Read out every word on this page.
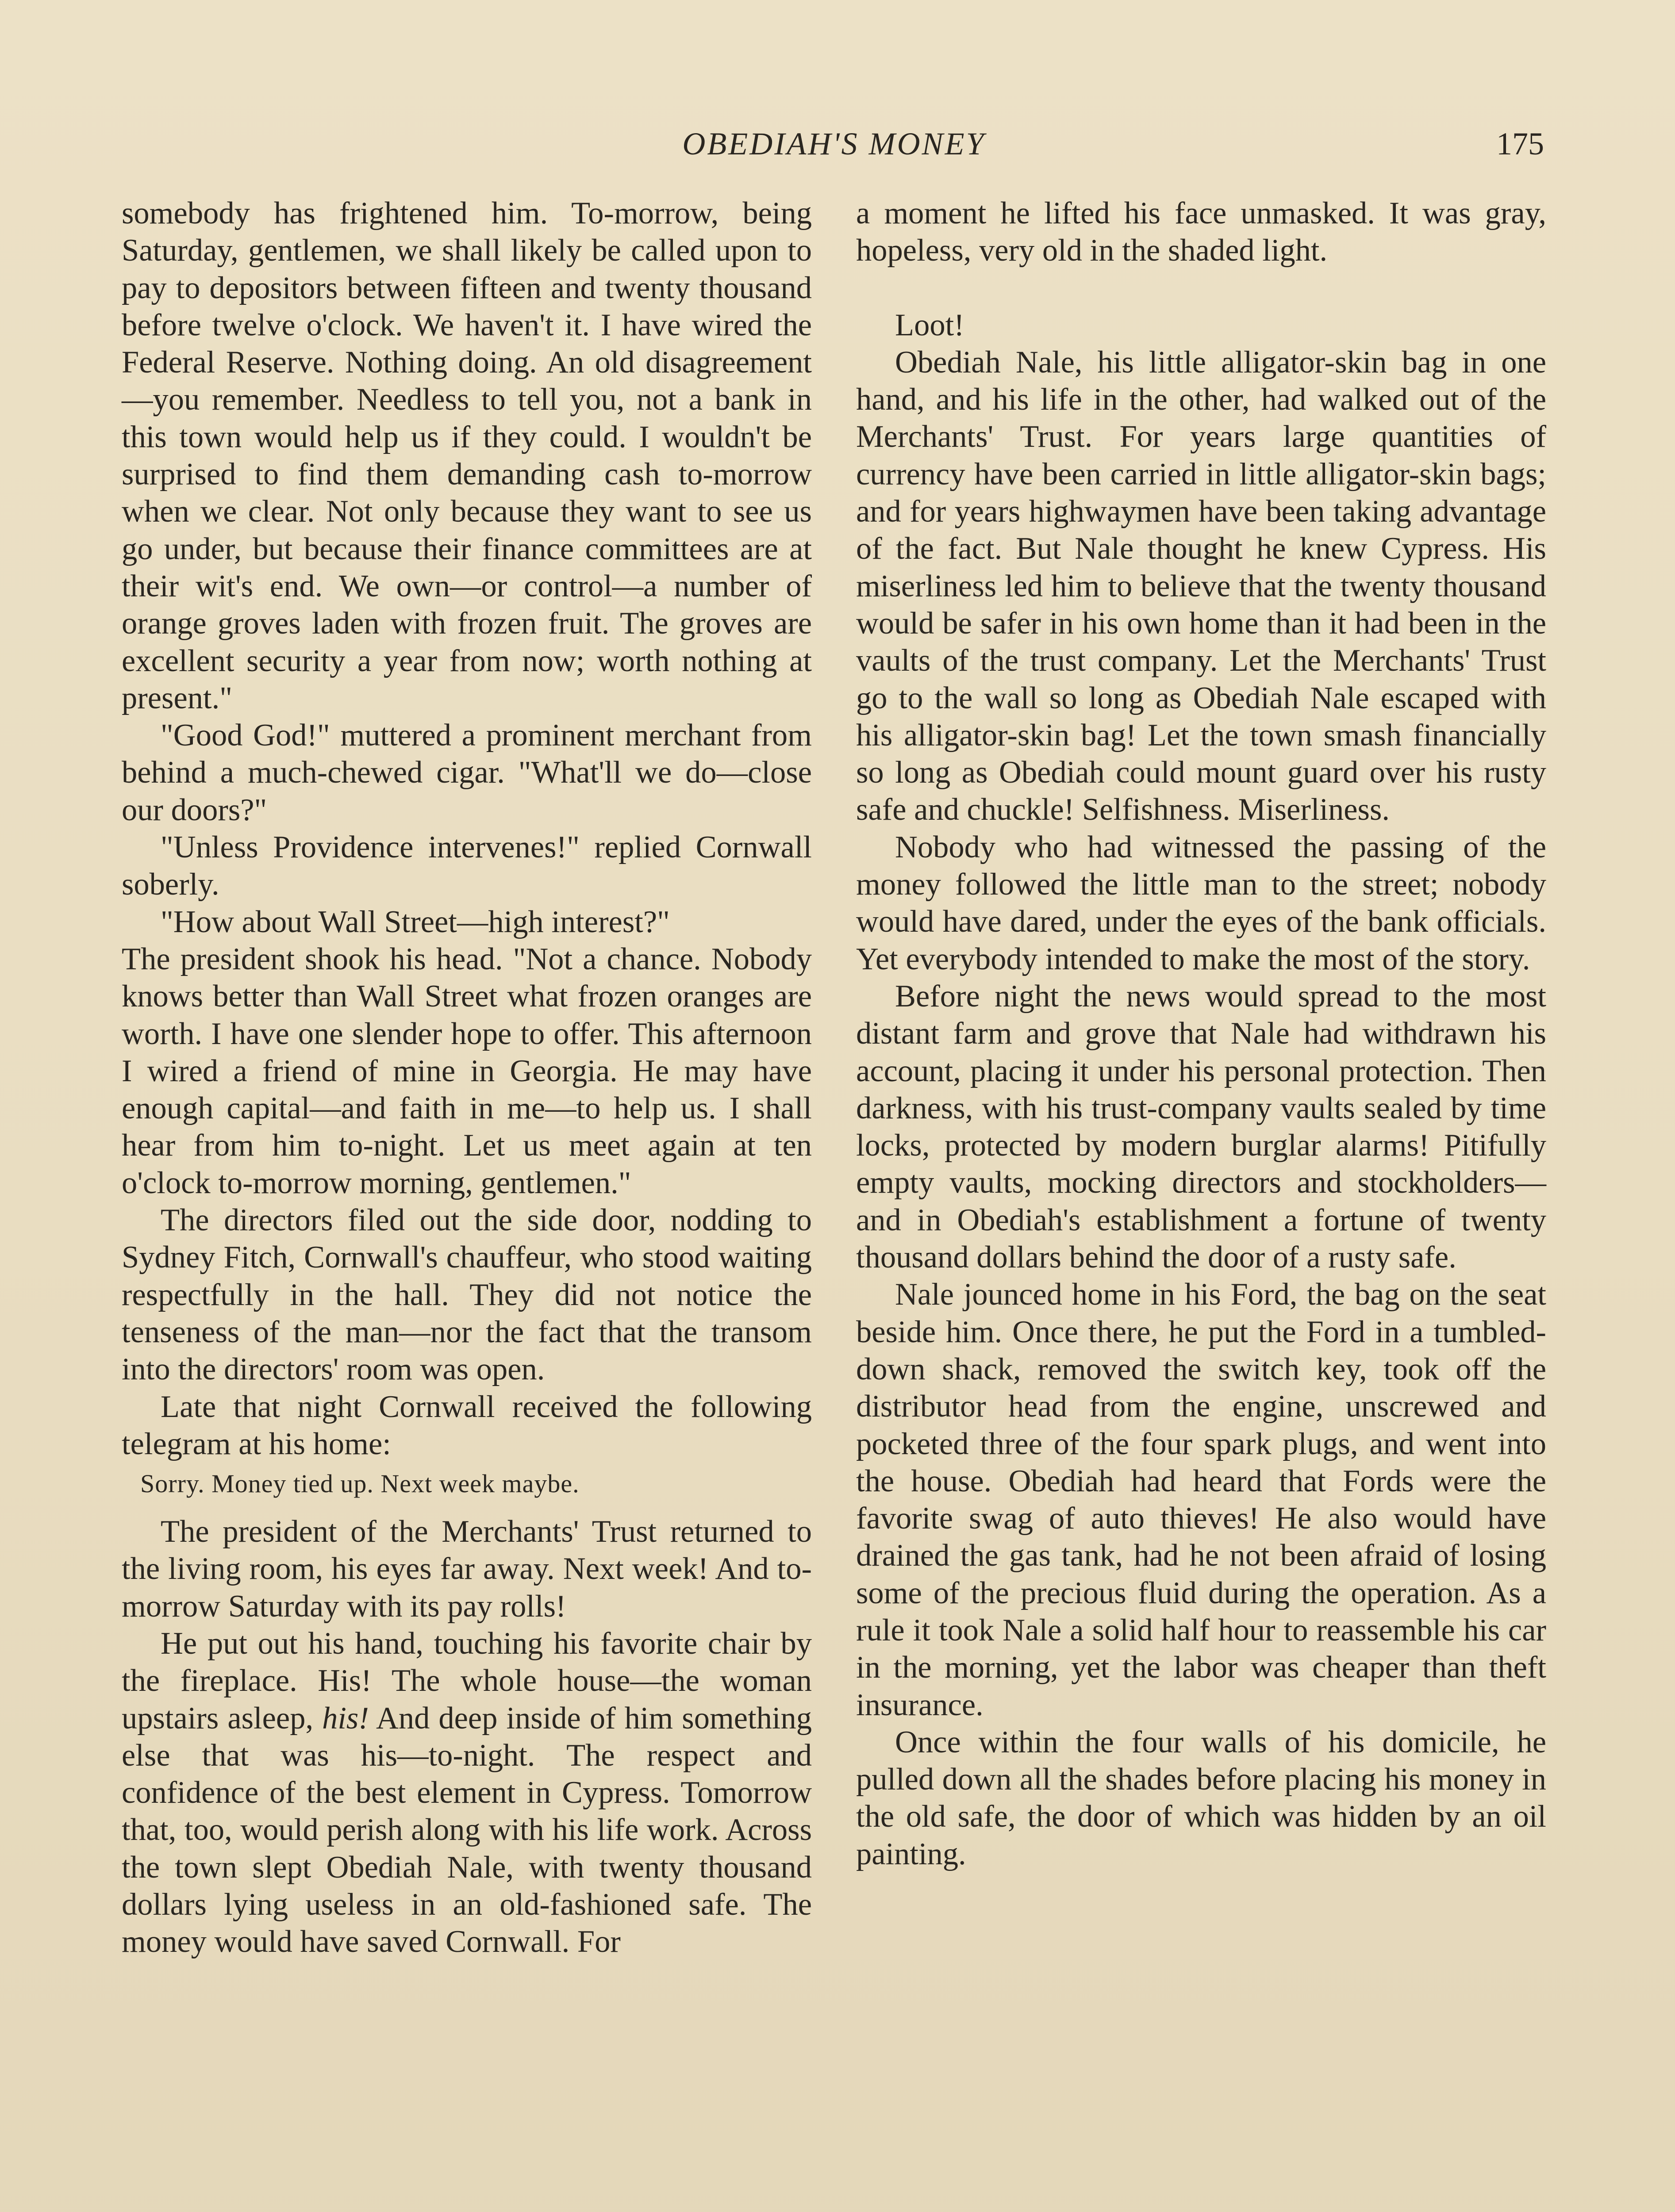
OBEDIAH'S MONEY	175

somebody has frightened him. To-morrow, being Saturday, gentlemen, we shall likely be called upon to pay to depositors between fifteen and twenty thousand before twelve o'clock. We haven't it. I have wired the Federal Reserve. Nothing doing. An old disagreement—you remember. Needless to tell you, not a bank in this town would help us if they could. I wouldn't be surprised to find them demanding cash to-morrow when we clear. Not only because they want to see us go under, but because their finance committees are at their wit's end. We own—or control—a number of orange groves laden with frozen fruit. The groves are excellent security a year from now; worth nothing at present."

"Good God!" muttered a prominent merchant from behind a much-chewed cigar. "What'll we do—close our doors?"

"Unless Providence intervenes!" replied Cornwall soberly.

"How about Wall Street—high interest?"

The president shook his head. "Not a chance. Nobody knows better than Wall Street what frozen oranges are worth. I have one slender hope to offer. This afternoon I wired a friend of mine in Georgia. He may have enough capital—and faith in me—to help us. I shall hear from him to-night. Let us meet again at ten o'clock to-morrow morning, gentlemen."

The directors filed out the side door, nodding to Sydney Fitch, Cornwall's chauffeur, who stood waiting respectfully in the hall. They did not notice the tenseness of the man—nor the fact that the transom into the directors' room was open.

Late that night Cornwall received the following telegram at his home:

Sorry. Money tied up. Next week maybe.

The president of the Merchants' Trust returned to the living room, his eyes far away. Next week! And to-morrow Saturday with its pay rolls!

He put out his hand, touching his favorite chair by the fireplace. His! The whole house—the woman upstairs asleep, his! And deep inside of him something else that was his—to-night. The respect and confidence of the best element in Cypress. Tomorrow that, too, would perish along with his life work. Across the town slept Obediah Nale, with twenty thousand dollars lying useless in an old-fashioned safe. The money would have saved Cornwall. For

a moment he lifted his face unmasked. It was gray, hopeless, very old in the shaded light.

Loot!

Obediah Nale, his little alligator-skin bag in one hand, and his life in the other, had walked out of the Merchants' Trust. For years large quantities of currency have been carried in little alligator-skin bags; and for years highwaymen have been taking advantage of the fact. But Nale thought he knew Cypress. His miserliness led him to believe that the twenty thousand would be safer in his own home than it had been in the vaults of the trust company. Let the Merchants' Trust go to the wall so long as Obediah Nale escaped with his alligator-skin bag! Let the town smash financially so long as Obediah could mount guard over his rusty safe and chuckle! Selfishness. Miserliness.

Nobody who had witnessed the passing of the money followed the little man to the street; nobody would have dared, under the eyes of the bank officials. Yet everybody intended to make the most of the story.

Before night the news would spread to the most distant farm and grove that Nale had withdrawn his account, placing it under his personal protection. Then darkness, with his trust-company vaults sealed by time locks, protected by modern burglar alarms! Pitifully empty vaults, mocking directors and stockholders—and in Obediah's establishment a fortune of twenty thousand dollars behind the door of a rusty safe.

Nale jounced home in his Ford, the bag on the seat beside him. Once there, he put the Ford in a tumbled-down shack, removed the switch key, took off the distributor head from the engine, unscrewed and pocketed three of the four spark plugs, and went into the house. Obediah had heard that Fords were the favorite swag of auto thieves! He also would have drained the gas tank, had he not been afraid of losing some of the precious fluid during the operation. As a rule it took Nale a solid half hour to reassemble his car in the morning, yet the labor was cheaper than theft insurance.

Once within the four walls of his domicile, he pulled down all the shades before placing his money in the old safe, the door of which was hidden by an oil painting.
